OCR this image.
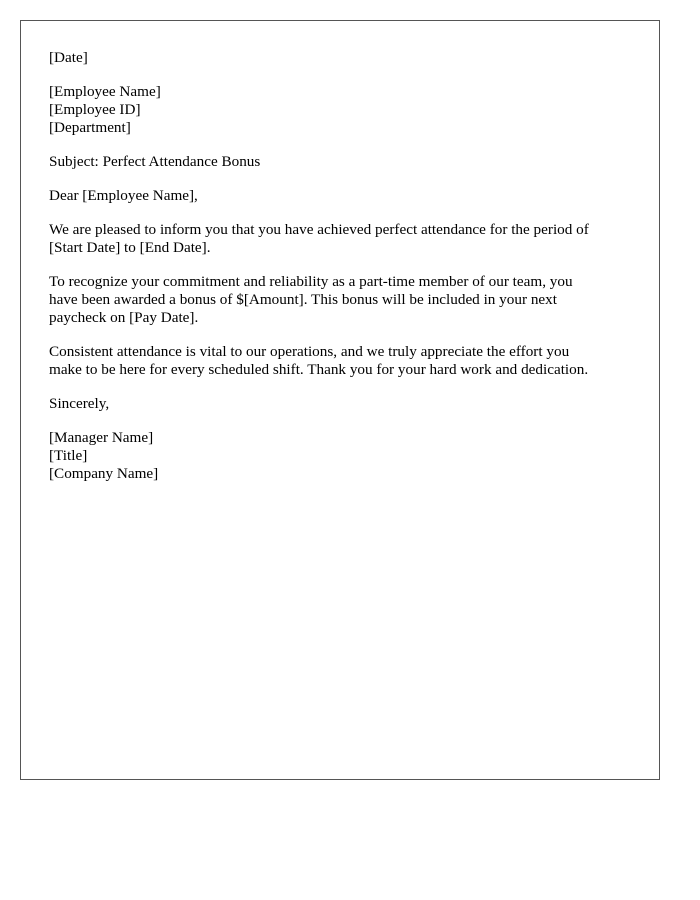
[Date]
[Employee Name]
[Employee ID]
[Department]
Subject: Perfect Attendance Bonus
Dear [Employee Name],

We are pleased to inform you that you have achieved perfect attendance for the period of
[Start Date] to [End Date].

To recognize your commitment and reliability as a part-time member of our team, you
have been awarded a bonus of $[Amount]. This bonus will be included in your next
paycheck on [Pay Date].

Consistent attendance is vital to our operations, and we truly appreciate the effort you
make to be here for every scheduled shift. Thank you for your hard work and dedication.

Sincerely,
[Manager Name]
[Title]
[Company Name]
